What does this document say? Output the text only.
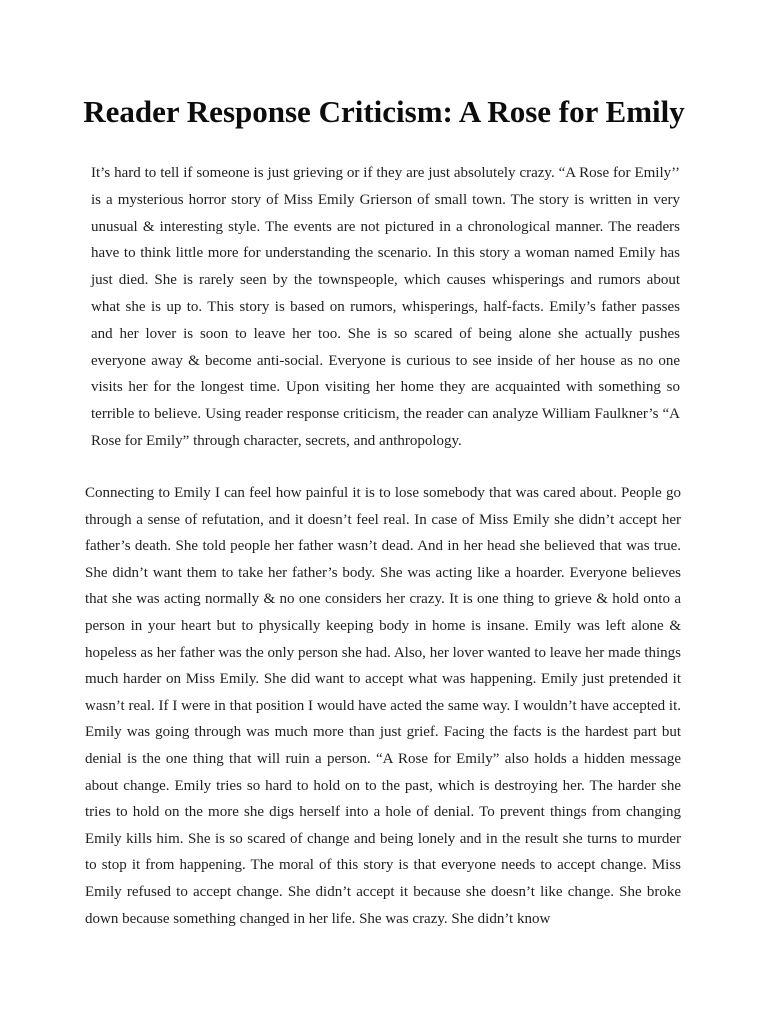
Reader Response Criticism: A Rose for Emily

It’s hard to tell if someone is just grieving or if they are just absolutely crazy. “A Rose for Emily’’ is a mysterious horror story of Miss Emily Grierson of small town. The story is written in very unusual & interesting style. The events are not pictured in a chronological manner. The readers have to think little more for understanding the scenario. In this story a woman named Emily has just died. She is rarely seen by the townspeople, which causes whisperings and rumors about what she is up to. This story is based on rumors, whisperings, half-facts. Emily’s father passes and her lover is soon to leave her too. She is so scared of being alone she actually pushes everyone away & become anti-social. Everyone is curious to see inside of her house as no one visits her for the longest time. Upon visiting her home they are acquainted with something so terrible to believe. Using reader response criticism, the reader can analyze William Faulkner’s “A Rose for Emily” through character, secrets, and anthropology.

Connecting to Emily I can feel how painful it is to lose somebody that was cared about. People go through a sense of refutation, and it doesn’t feel real. In case of Miss Emily she didn’t accept her father’s death. She told people her father wasn’t dead. And in her head she believed that was true. She didn’t want them to take her father’s body. She was acting like a hoarder. Everyone believes that she was acting normally & no one considers her crazy. It is one thing to grieve & hold onto a person in your heart but to physically keeping body in home is insane. Emily was left alone & hopeless as her father was the only person she had. Also, her lover wanted to leave her made things much harder on Miss Emily. She did want to accept what was happening. Emily just pretended it wasn’t real. If I were in that position I would have acted the same way. I wouldn’t have accepted it. Emily was going through was much more than just grief. Facing the facts is the hardest part but denial is the one thing that will ruin a person. “A Rose for Emily” also holds a hidden message about change. Emily tries so hard to hold on to the past, which is destroying her. The harder she tries to hold on the more she digs herself into a hole of denial. To prevent things from changing Emily kills him. She is so scared of change and being lonely and in the result she turns to murder to stop it from happening. The moral of this story is that everyone needs to accept change. Miss Emily refused to accept change. She didn’t accept it because she doesn’t like change. She broke down because something changed in her life. She was crazy. She didn’t know
